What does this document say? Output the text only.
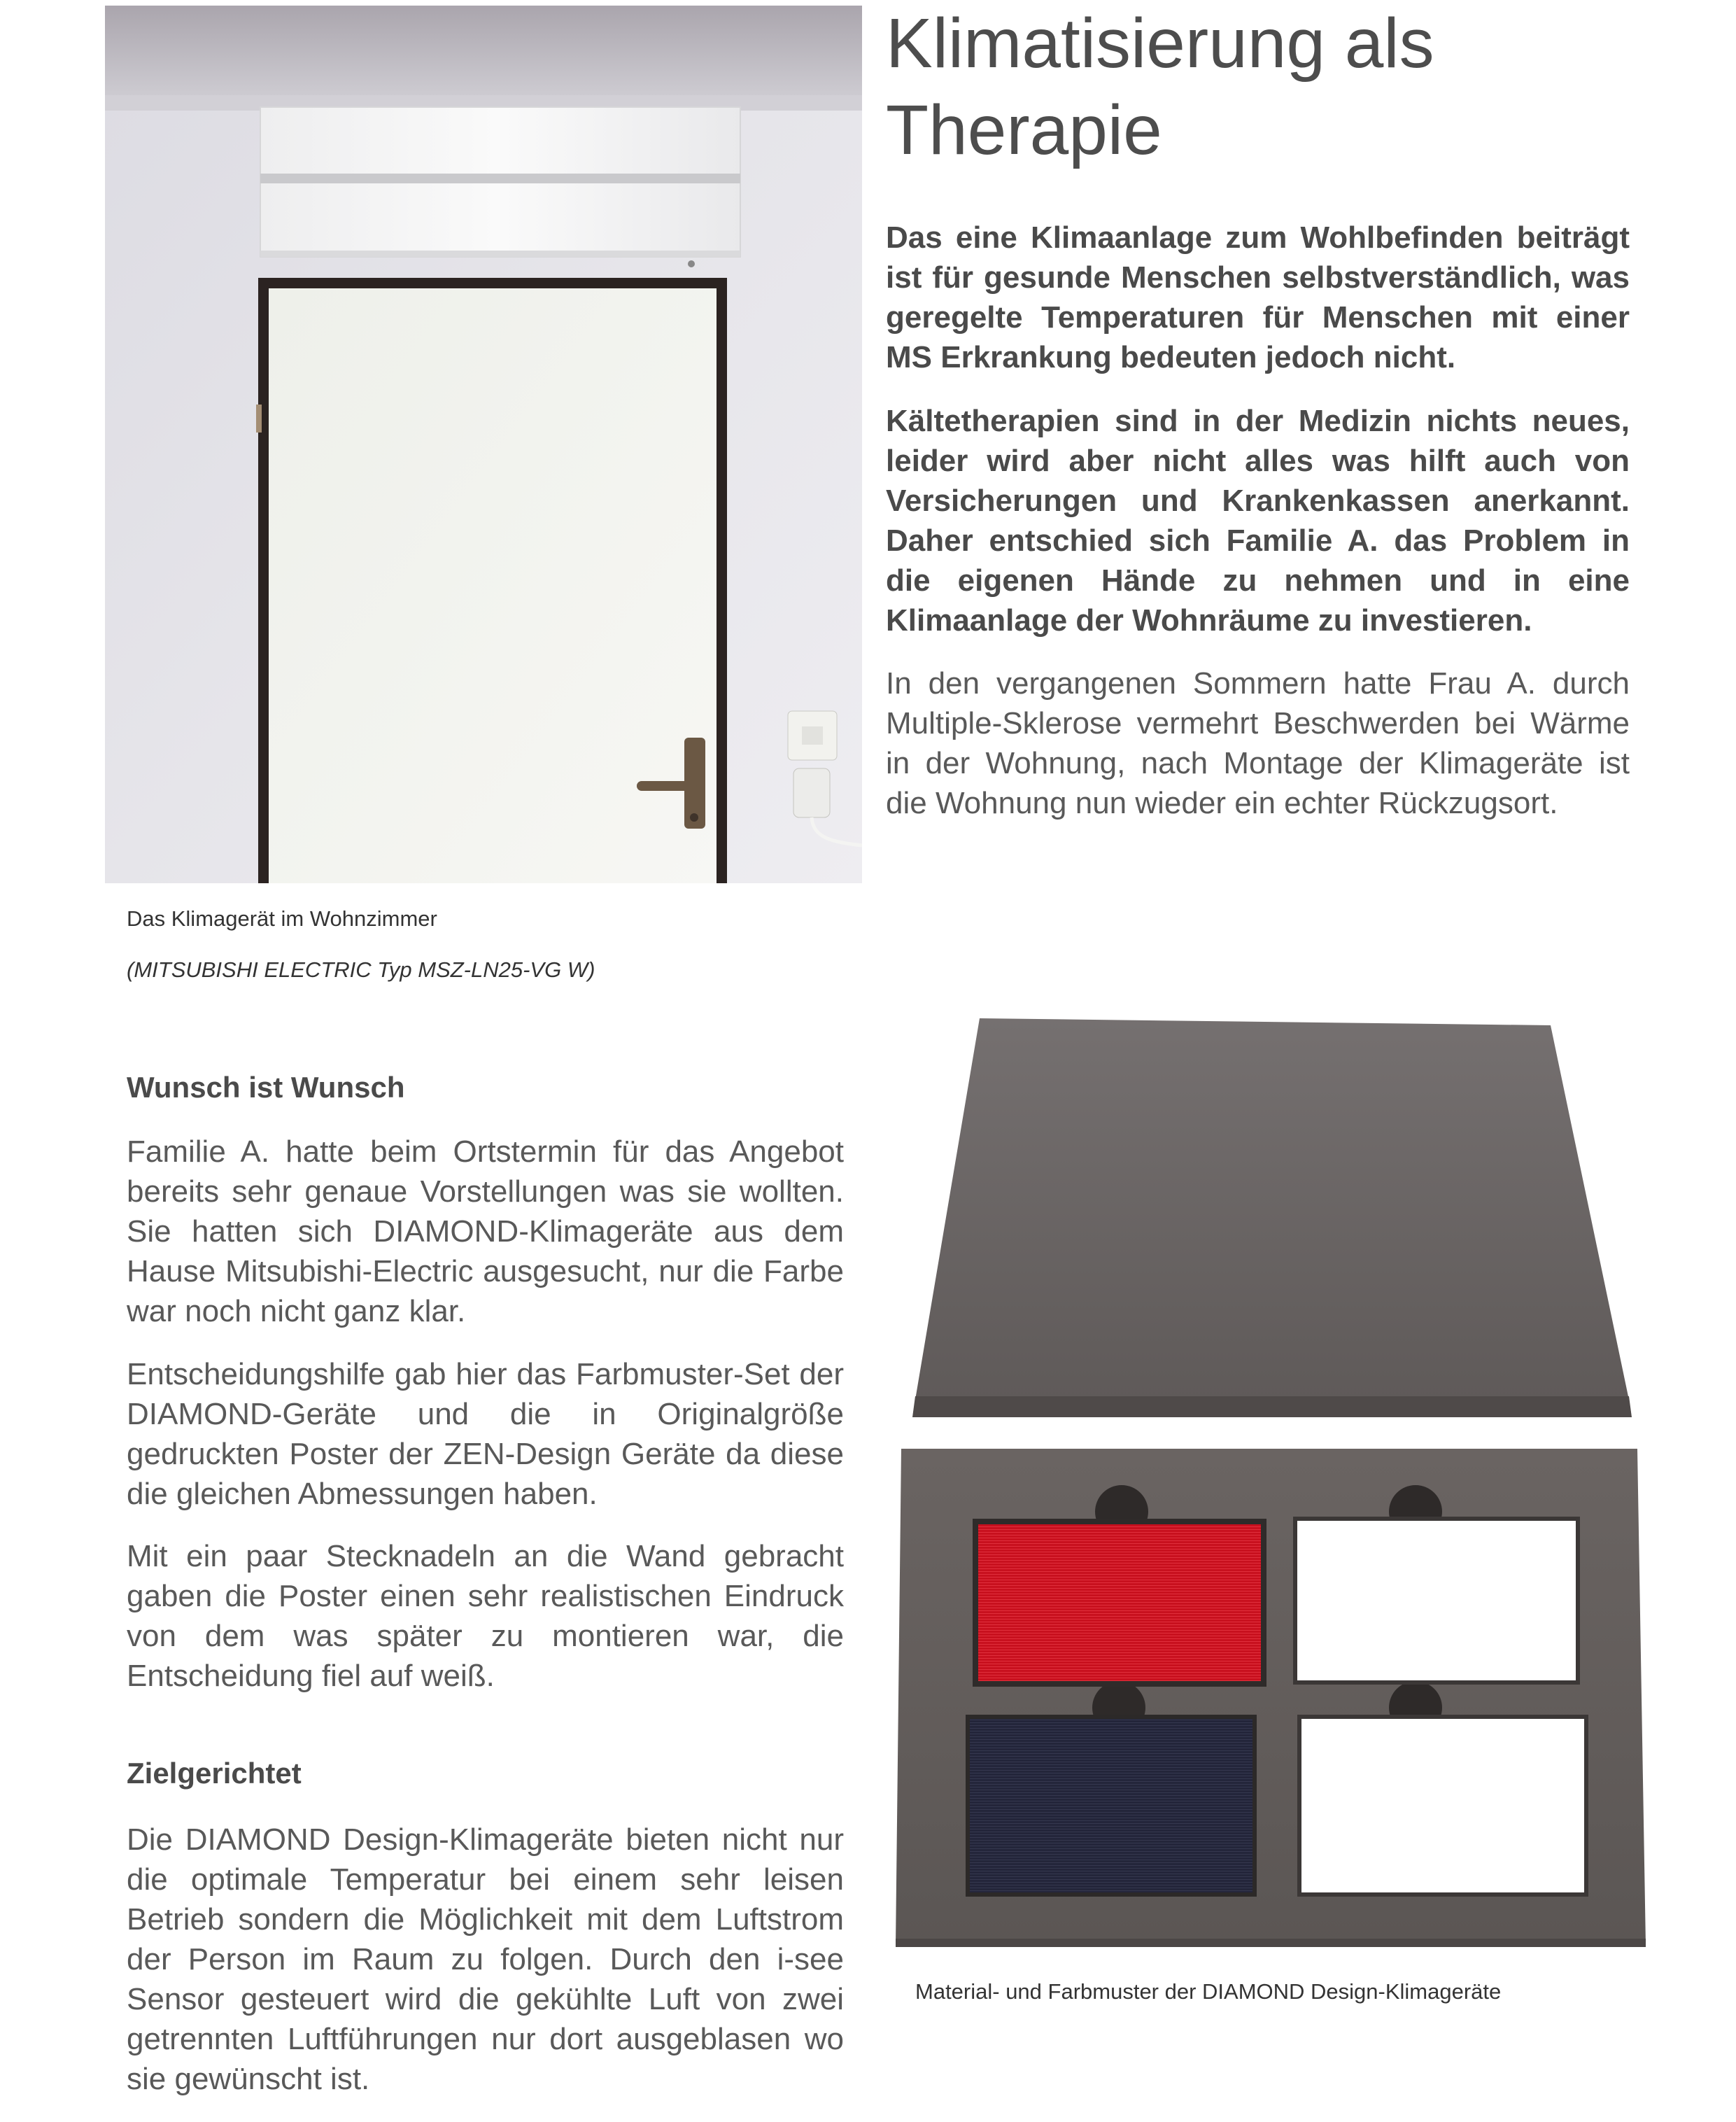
Klimatisierung als Therapie

Das eine Klimaanlage zum Wohlbefinden beiträgt ist für gesunde Menschen selbstverständlich, was geregelte Temperaturen für Menschen mit einer MS Erkrankung bedeuten jedoch nicht.

Kältetherapien sind in der Medizin nichts neues, leider wird aber nicht alles was hilft auch von Versicherungen und Krankenkassen anerkannt. Daher entschied sich Familie A. das Problem in die eigenen Hände zu nehmen und in eine Klimaanlage der Wohnräume zu investieren.

In den vergangenen Sommern hatte Frau A. durch Multiple-Sklerose vermehrt Beschwerden bei Wärme in der Wohnung, nach Montage der Klimageräte ist die Wohnung nun wieder ein echter Rückzugsort.

Das Klimagerät im Wohnzimmer

(MITSUBISHI ELECTRIC Typ MSZ-LN25-VG W)

Wunsch ist Wunsch

Familie A. hatte beim Ortstermin für das Angebot bereits sehr genaue Vorstellungen was sie wollten. Sie hatten sich DIAMOND-Klimageräte aus dem Hause Mitsubishi-Electric ausgesucht, nur die Farbe war noch nicht ganz klar.

Entscheidungshilfe gab hier das Farbmuster-Set der DIAMOND-Geräte und die in Originalgröße gedruckten Poster der ZEN-Design Geräte da diese die gleichen Abmessungen haben.

Mit ein paar Stecknadeln an die Wand gebracht gaben die Poster einen sehr realistischen Eindruck von dem was später zu montieren war, die Entscheidung fiel auf weiß.

Zielgerichtet

Die DIAMOND Design-Klimageräte bieten nicht nur die optimale Temperatur bei einem sehr leisen Betrieb sondern die Möglichkeit mit dem Luftstrom der Person im Raum zu folgen. Durch den i-see Sensor gesteuert wird die gekühlte Luft von zwei getrennten Luftführungen nur dort ausgeblasen wo sie gewünscht ist.

Material- und Farbmuster der DIAMOND Design-Klimageräte
